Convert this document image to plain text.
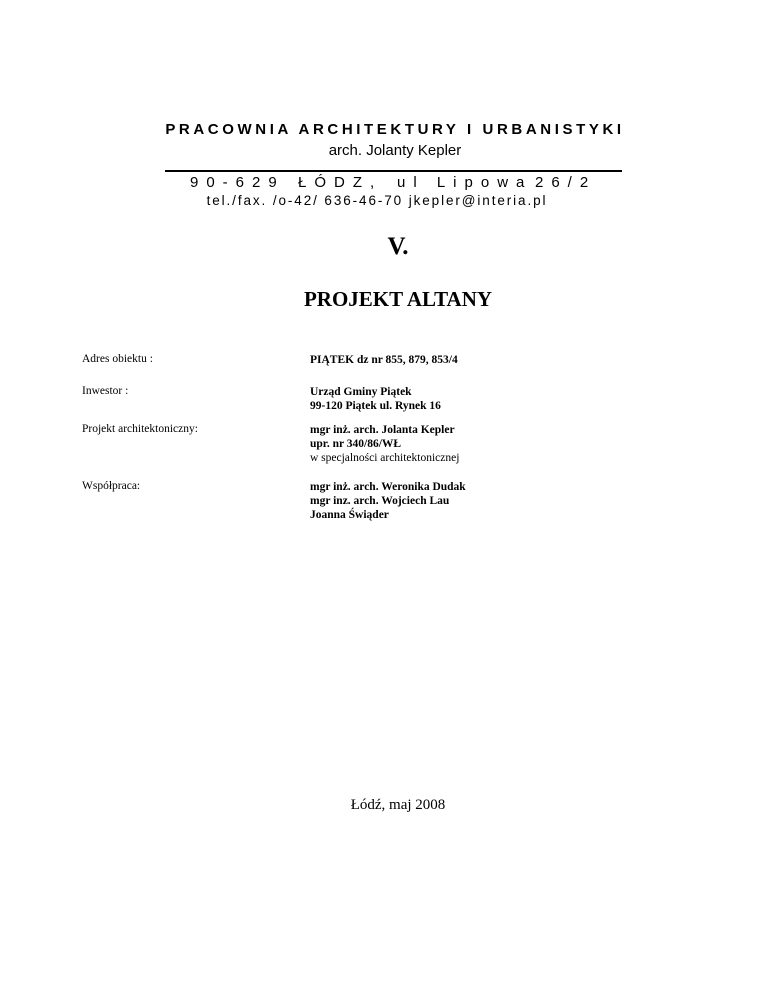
PRACOWNIA ARCHITEKTURY I URBANISTYKI
arch. Jolanty Kepler
90-629 ŁÓDZ, ul Lipowa 26/2
tel./fax. /o-42/ 636-46-70 jkepler@interia.pl
V.
PROJEKT ALTANY
Adres obiektu :	PIĄTEK dz nr 855, 879, 853/4
Inwestor :	Urząd Gminy Piątek
99-120 Piątek ul. Rynek 16
Projekt architektoniczny:	mgr inż. arch. Jolanta Kepler
upr. nr 340/86/WŁ
w specjalności architektonicznej
Współpraca:	mgr inż. arch. Weronika Dudak
mgr inz. arch. Wojciech Lau
Joanna Świąder
Łódź, maj 2008
